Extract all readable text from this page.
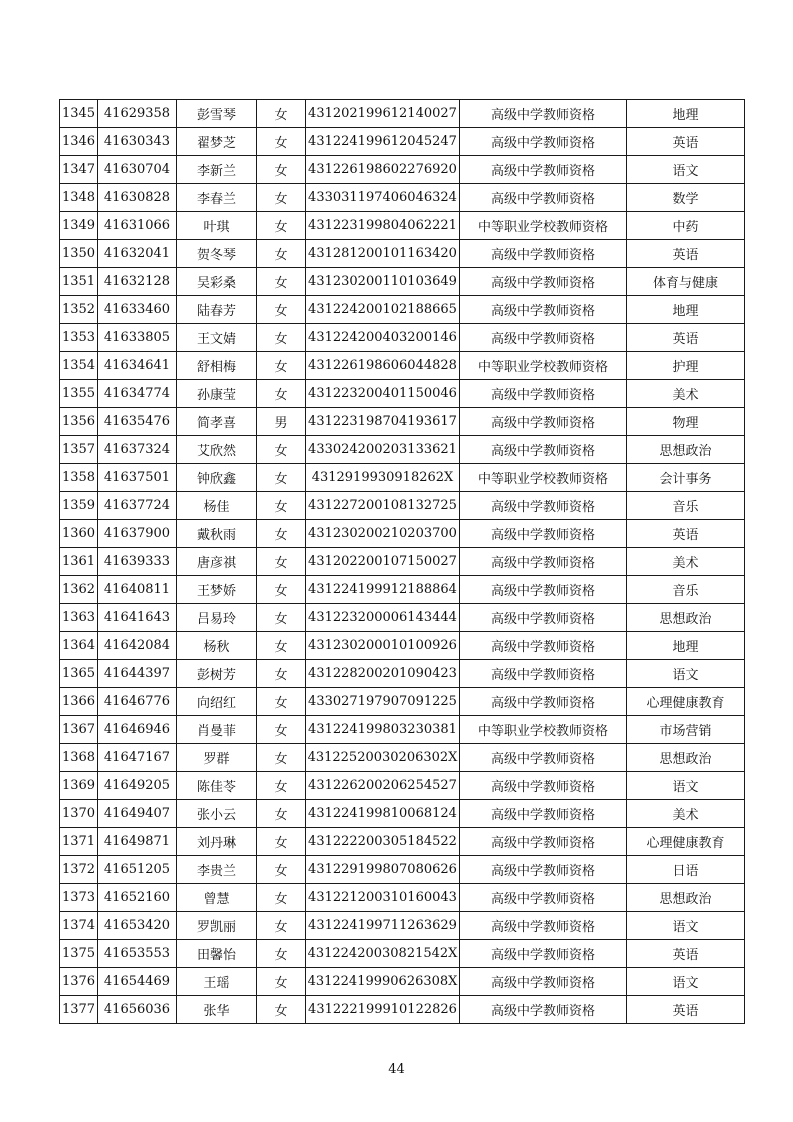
1345	41629358	彭雪琴	女	431202199612140027	高级中学教师资格	地理
1346	41630343	翟梦芝	女	431224199612045247	高级中学教师资格	英语
1347	41630704	李新兰	女	431226198602276920	高级中学教师资格	语文
1348	41630828	李春兰	女	433031197406046324	高级中学教师资格	数学
1349	41631066	叶琪	女	431223199804062221	中等职业学校教师资格	中药
1350	41632041	贺冬琴	女	431281200101163420	高级中学教师资格	英语
1351	41632128	吴彩桑	女	431230200110103649	高级中学教师资格	体育与健康
1352	41633460	陆春芳	女	431224200102188665	高级中学教师资格	地理
1353	41633805	王文婧	女	431224200403200146	高级中学教师资格	英语
1354	41634641	舒相梅	女	431226198606044828	中等职业学校教师资格	护理
1355	41634774	孙康莹	女	431223200401150046	高级中学教师资格	美术
1356	41635476	简孝喜	男	431223198704193617	高级中学教师资格	物理
1357	41637324	艾欣然	女	433024200203133621	高级中学教师资格	思想政治
1358	41637501	钟欣鑫	女	4312919930918262X	中等职业学校教师资格	会计事务
1359	41637724	杨佳	女	431227200108132725	高级中学教师资格	音乐
1360	41637900	戴秋雨	女	431230200210203700	高级中学教师资格	英语
1361	41639333	唐彦祺	女	431202200107150027	高级中学教师资格	美术
1362	41640811	王梦娇	女	431224199912188864	高级中学教师资格	音乐
1363	41641643	吕易玲	女	431223200006143444	高级中学教师资格	思想政治
1364	41642084	杨秋	女	431230200010100926	高级中学教师资格	地理
1365	41644397	彭树芳	女	431228200201090423	高级中学教师资格	语文
1366	41646776	向绍红	女	433027197907091225	高级中学教师资格	心理健康教育
1367	41646946	肖曼菲	女	431224199803230381	中等职业学校教师资格	市场营销
1368	41647167	罗群	女	43122520030206302X	高级中学教师资格	思想政治
1369	41649205	陈佳苓	女	431226200206254527	高级中学教师资格	语文
1370	41649407	张小云	女	431224199810068124	高级中学教师资格	美术
1371	41649871	刘丹琳	女	431222200305184522	高级中学教师资格	心理健康教育
1372	41651205	李贵兰	女	431229199807080626	高级中学教师资格	日语
1373	41652160	曾慧	女	431221200310160043	高级中学教师资格	思想政治
1374	41653420	罗凯丽	女	431224199711263629	高级中学教师资格	语文
1375	41653553	田馨怡	女	43122420030821542X	高级中学教师资格	英语
1376	41654469	王瑶	女	43122419990626308X	高级中学教师资格	语文
1377	41656036	张华	女	431222199910122826	高级中学教师资格	英语
44
